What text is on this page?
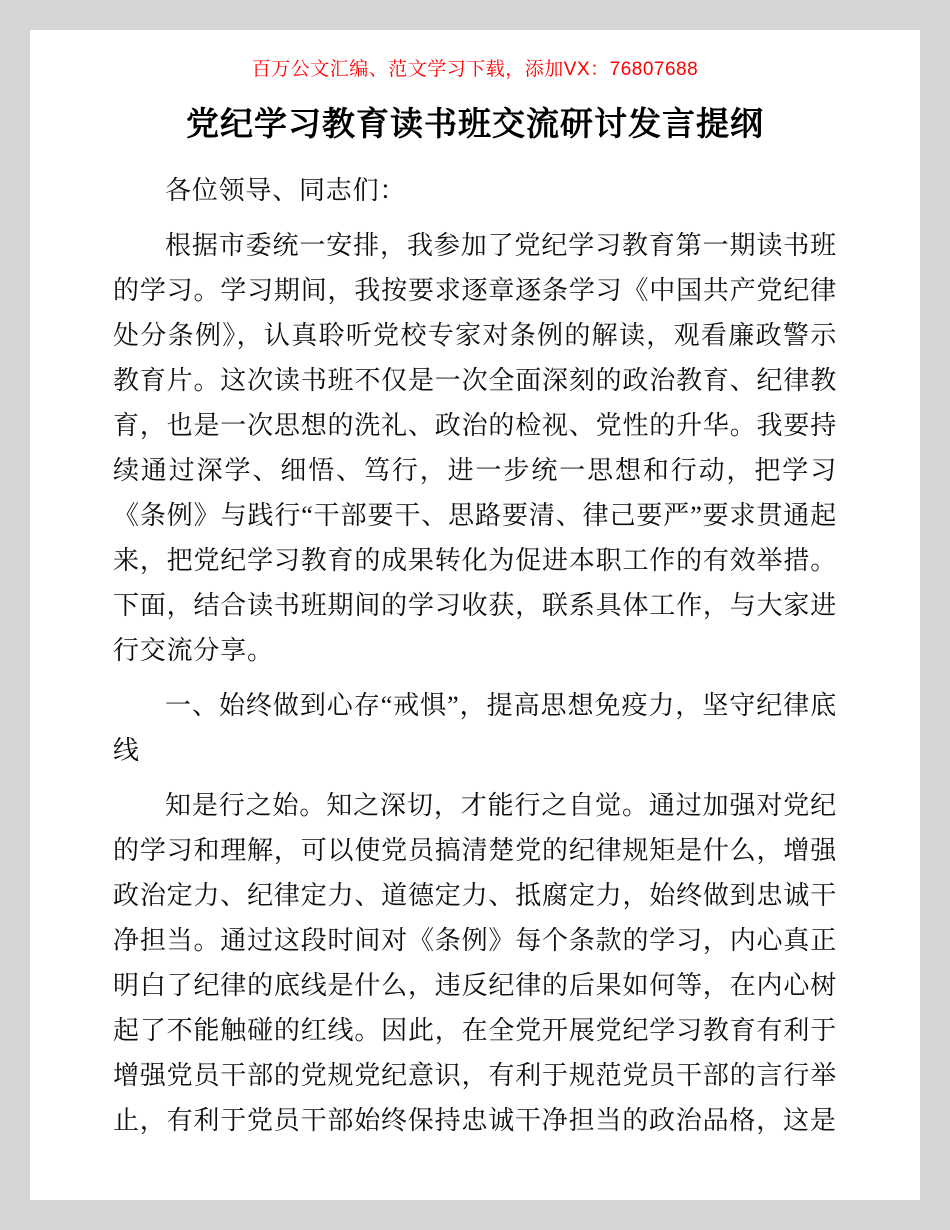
百万公文汇编、范文学习下载，添加VX：76807688
党纪学习教育读书班交流研讨发言提纲

各位领导、同志们：

根据市委统一安排，我参加了党纪学习教育第一期读书班的学习。学习期间，我按要求逐章逐条学习《中国共产党纪律处分条例》，认真聆听党校专家对条例的解读，观看廉政警示教育片。这次读书班不仅是一次全面深刻的政治教育、纪律教育，也是一次思想的洗礼、政治的检视、党性的升华。我要持续通过深学、细悟、笃行，进一步统一思想和行动，把学习《条例》与践行“干部要干、思路要清、律己要严”要求贯通起来，把党纪学习教育的成果转化为促进本职工作的有效举措。下面，结合读书班期间的学习收获，联系具体工作，与大家进行交流分享。

一、始终做到心存“戒惧”，提高思想免疫力，坚守纪律底线

知是行之始。知之深切，才能行之自觉。通过加强对党纪的学习和理解，可以使党员搞清楚党的纪律规矩是什么，增强政治定力、纪律定力、道德定力、抵腐定力，始终做到忠诚干净担当。通过这段时间对《条例》每个条款的学习，内心真正明白了纪律的底线是什么，违反纪律的后果如何等，在内心树起了不能触碰的红线。因此，在全党开展党纪学习教育有利于增强党员干部的党规党纪意识，有利于规范党员干部的言行举止，有利于党员干部始终保持忠诚干净担当的政治品格，这是
